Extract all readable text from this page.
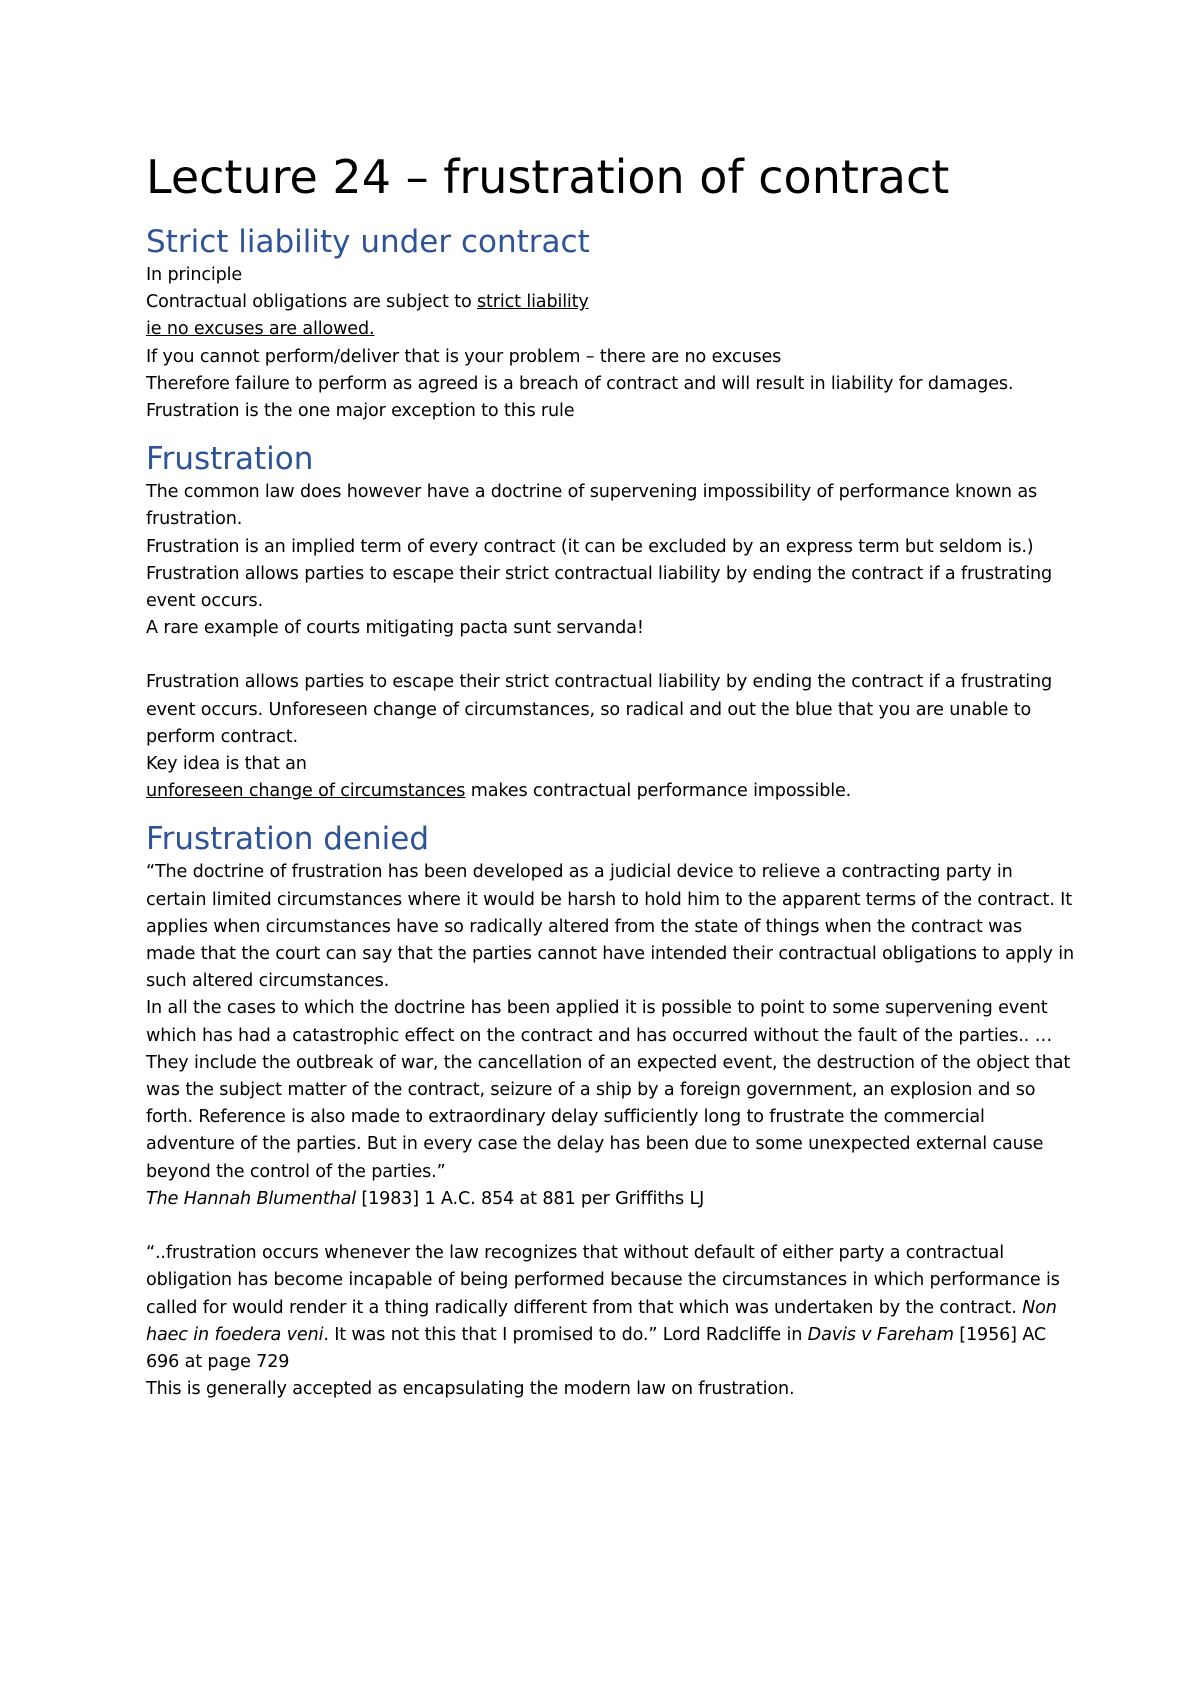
Lecture 24 – frustration of contract
Strict liability under contract

In principle

Contractual obligations are subject to strict liability

ie no excuses are allowed.

If you cannot perform/deliver that is your problem – there are no excuses

Therefore failure to perform as agreed is a breach of contract and will result in liability for damages.

Frustration is the one major exception to this rule

Frustration

The common law does however have a doctrine of supervening impossibility of performance known as frustration.

Frustration is an implied term of every contract (it can be excluded by an express term but seldom is.)

Frustration allows parties to escape their strict contractual liability by ending the contract if a frustrating event occurs.

A rare example of courts mitigating pacta sunt servanda!

Frustration allows parties to escape their strict contractual liability by ending the contract if a frustrating event occurs. Unforeseen change of circumstances, so radical and out the blue that you are unable to perform contract.

Key idea is that an

unforeseen change of circumstances makes contractual performance impossible.

Frustration denied

“The doctrine of frustration has been developed as a judicial device to relieve a contracting party in certain limited circumstances where it would be harsh to hold him to the apparent terms of the contract. It applies when circumstances have so radically altered from the state of things when the contract was made that the court can say that the parties cannot have intended their contractual obligations to apply in such altered circumstances.

In all the cases to which the doctrine has been applied it is possible to point to some supervening event which has had a catastrophic effect on the contract and has occurred without the fault of the parties.. …They include the outbreak of war, the cancellation of an expected event, the destruction of the object that was the subject matter of the contract, seizure of a ship by a foreign government, an explosion and so forth. Reference is also made to extraordinary delay sufficiently long to frustrate the commercial adventure of the parties. But in every case the delay has been due to some unexpected external cause beyond the control of the parties.”

The Hannah Blumenthal [1983] 1 A.C. 854 at 881 per Griffiths LJ

“..frustration occurs whenever the law recognizes that without default of either party a contractual obligation has become incapable of being performed because the circumstances in which performance is called for would render it a thing radically different from that which was undertaken by the contract. Non haec in foedera veni. It was not this that I promised to do.” Lord Radcliffe in Davis v Fareham [1956] AC 696 at page 729

This is generally accepted as encapsulating the modern law on frustration.
